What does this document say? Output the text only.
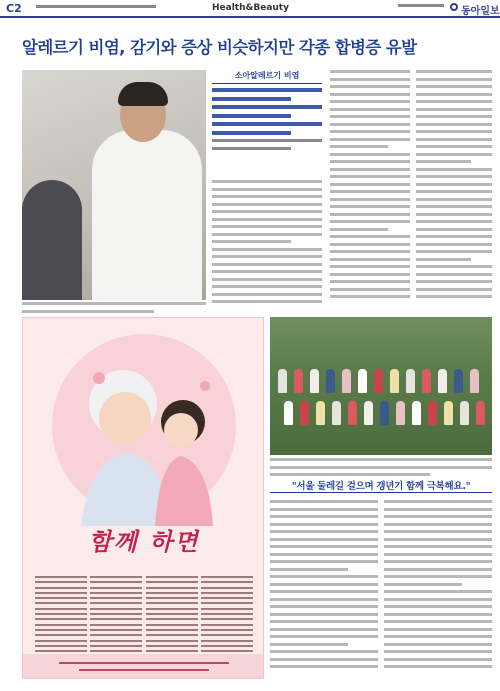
C2	Health&Beauty	동아일보
알레르기 비염, 감기와 증상 비슷하지만 각종 합병증 유발
소아알레르기 비염
함께 하면
"서울 둘레길 걸으며 갱년기 함께 극복해요."
